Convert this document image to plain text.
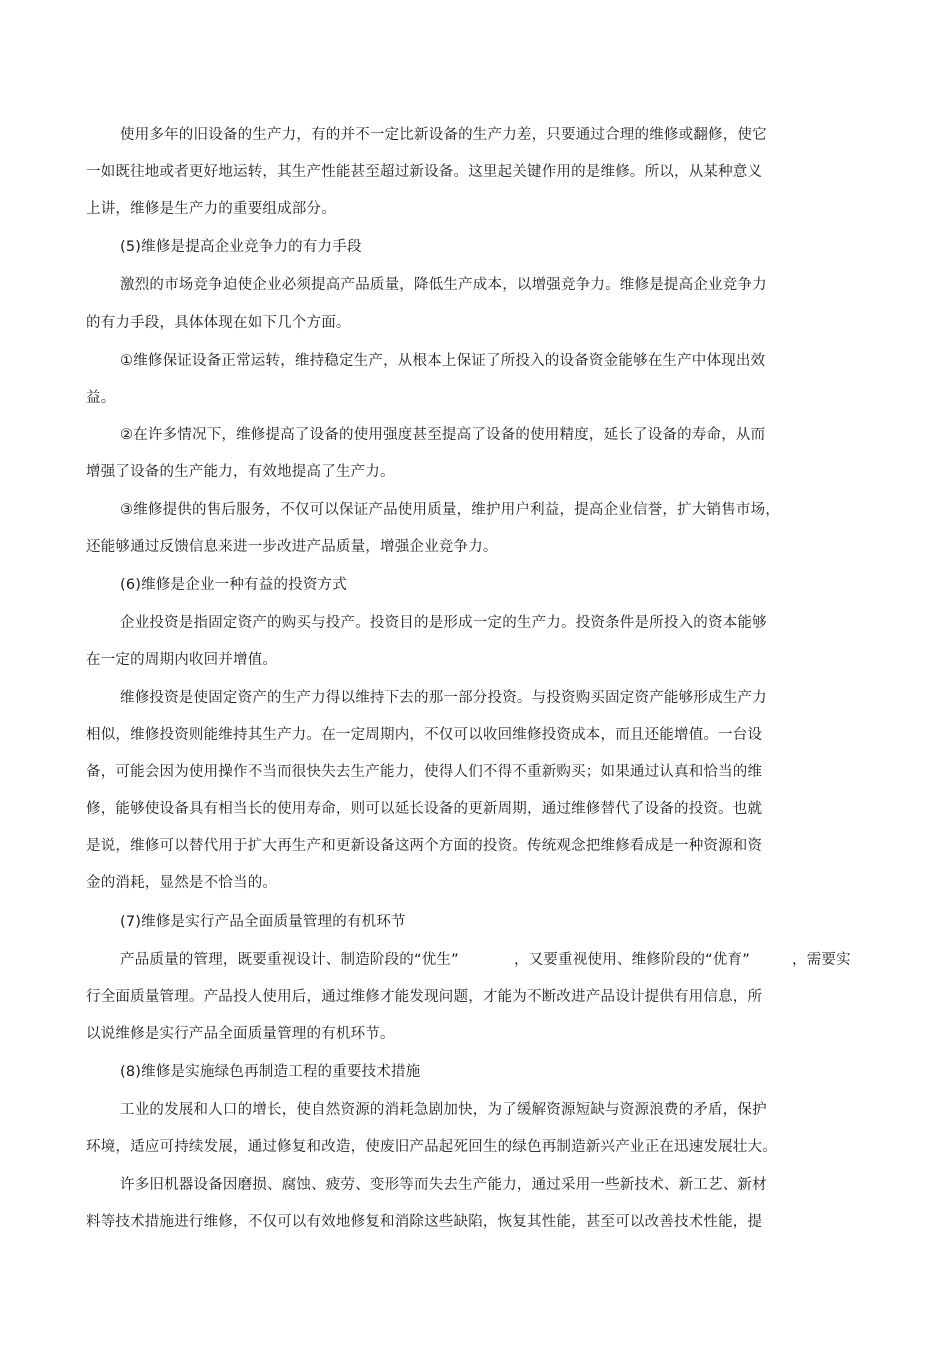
使用多年的旧设备的生产力，有的并不一定比新设备的生产力差，只要通过合理的维修或翻修，使它
一如既往地或者更好地运转，其生产性能甚至超过新设备。这里起关键作用的是维修。所以，从某种意义
上讲，维修是生产力的重要组成部分。
(5)维修是提高企业竞争力的有力手段
激烈的市场竞争迫使企业必须提高产品质量，降低生产成本，以增强竞争力。维修是提高企业竞争力
的有力手段，具体体现在如下几个方面。
①维修保证设备正常运转，维持稳定生产，从根本上保证了所投入的设备资金能够在生产中体现出效
益。
②在许多情况下，维修提高了设备的使用强度甚至提高了设备的使用精度，延长了设备的寿命，从而
增强了设备的生产能力，有效地提高了生产力。
③维修提供的售后服务，不仅可以保证产品使用质量，维护用户利益，提高企业信誉，扩大销售市场，
还能够通过反馈信息来进一步改进产品质量，增强企业竞争力。
(6)维修是企业一种有益的投资方式
企业投资是指固定资产的购买与投产。投资目的是形成一定的生产力。投资条件是所投入的资本能够
在一定的周期内收回并增值。
维修投资是使固定资产的生产力得以维持下去的那一部分投资。与投资购买固定资产能够形成生产力
相似，维修投资则能维持其生产力。在一定周期内，不仅可以收回维修投资成本，而且还能增值。一台设
备，可能会因为使用操作不当而很快失去生产能力，使得人们不得不重新购买；如果通过认真和恰当的维
修，能够使设备具有相当长的使用寿命，则可以延长设备的更新周期，通过维修替代了设备的投资。也就
是说，维修可以替代用于扩大再生产和更新设备这两个方面的投资。传统观念把维修看成是一种资源和资
金的消耗，显然是不恰当的。
(7)维修是实行产品全面质量管理的有机环节
产品质量的管理，既要重视设计、制造阶段的“优生”	，又要重视使用、维修阶段的“优育”	，需要实
行全面质量管理。产品投人使用后，通过维修才能发现问题，才能为不断改进产品设计提供有用信息，所
以说维修是实行产品全面质量管理的有机环节。
(8)维修是实施绿色再制造工程的重要技术措施
工业的发展和人口的增长，使自然资源的消耗急剧加快，为了缓解资源短缺与资源浪费的矛盾，保护
环境，适应可持续发展，通过修复和改造，使废旧产品起死回生的绿色再制造新兴产业正在迅速发展壮大。
许多旧机器设备因磨损、腐蚀、疲劳、变形等而失去生产能力，通过采用一些新技术、新工艺、新材
料等技术措施进行维修，不仅可以有效地修复和消除这些缺陷，恢复其性能，甚至可以改善技术性能，提
